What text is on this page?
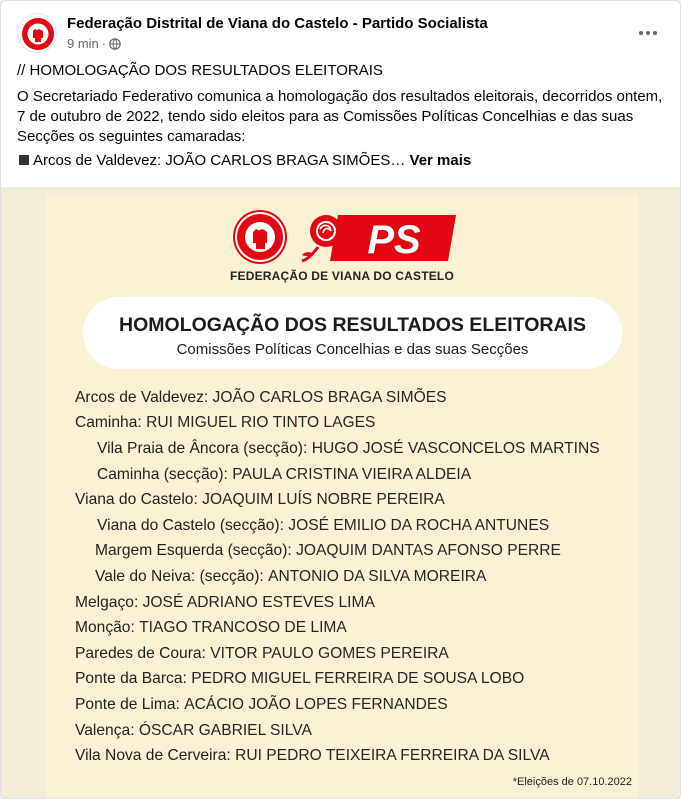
Federação Distrital de Viana do Castelo - Partido Socialista
9 min ·

// HOMOLOGAÇÃO DOS RESULTADOS ELEITORAIS

O Secretariado Federativo comunica a homologação dos resultados eleitorais, decorridos ontem, 7 de outubro de 2022, tendo sido eleitos para as Comissões Políticas Concelhias e das suas Secções os seguintes camaradas:

Arcos de Valdevez: JOÃO CARLOS BRAGA SIMÕES… Ver mais

PS
FEDERAÇÃO DE VIANA DO CASTELO
HOMOLOGAÇÃO DOS RESULTADOS ELEITORAIS
Comissões Políticas Concelhias e das suas Secções
Arcos de Valdevez:
JOÃO CARLOS BRAGA SIMÕES
Caminha:
RUI MIGUEL RIO TINTO LAGES
Vila Praia de Âncora (secção):
HUGO JOSÉ VASCONCELOS MARTINS
Caminha (secção):
PAULA CRISTINA VIEIRA ALDEIA
Viana do Castelo:
JOAQUIM LUÍS NOBRE PEREIRA
Viana do Castelo (secção):
JOSÉ EMILIO DA ROCHA ANTUNES
Margem Esquerda (secção):
JOAQUIM DANTAS AFONSO PERRE
Vale do Neiva: (secção):
ANTONIO DA SILVA MOREIRA
Melgaço:
JOSÉ ADRIANO ESTEVES LIMA
Monção:
TIAGO TRANCOSO DE LIMA
Paredes de Coura:
VITOR PAULO GOMES PEREIRA
Ponte da Barca:
PEDRO MIGUEL FERREIRA DE SOUSA LOBO
Ponte de Lima:
ACÁCIO JOÃO LOPES FERNANDES
Valença:
ÓSCAR GABRIEL SILVA
Vila Nova de Cerveira:
RUI PEDRO TEIXEIRA FERREIRA DA SILVA
*Eleições de 07.10.2022
